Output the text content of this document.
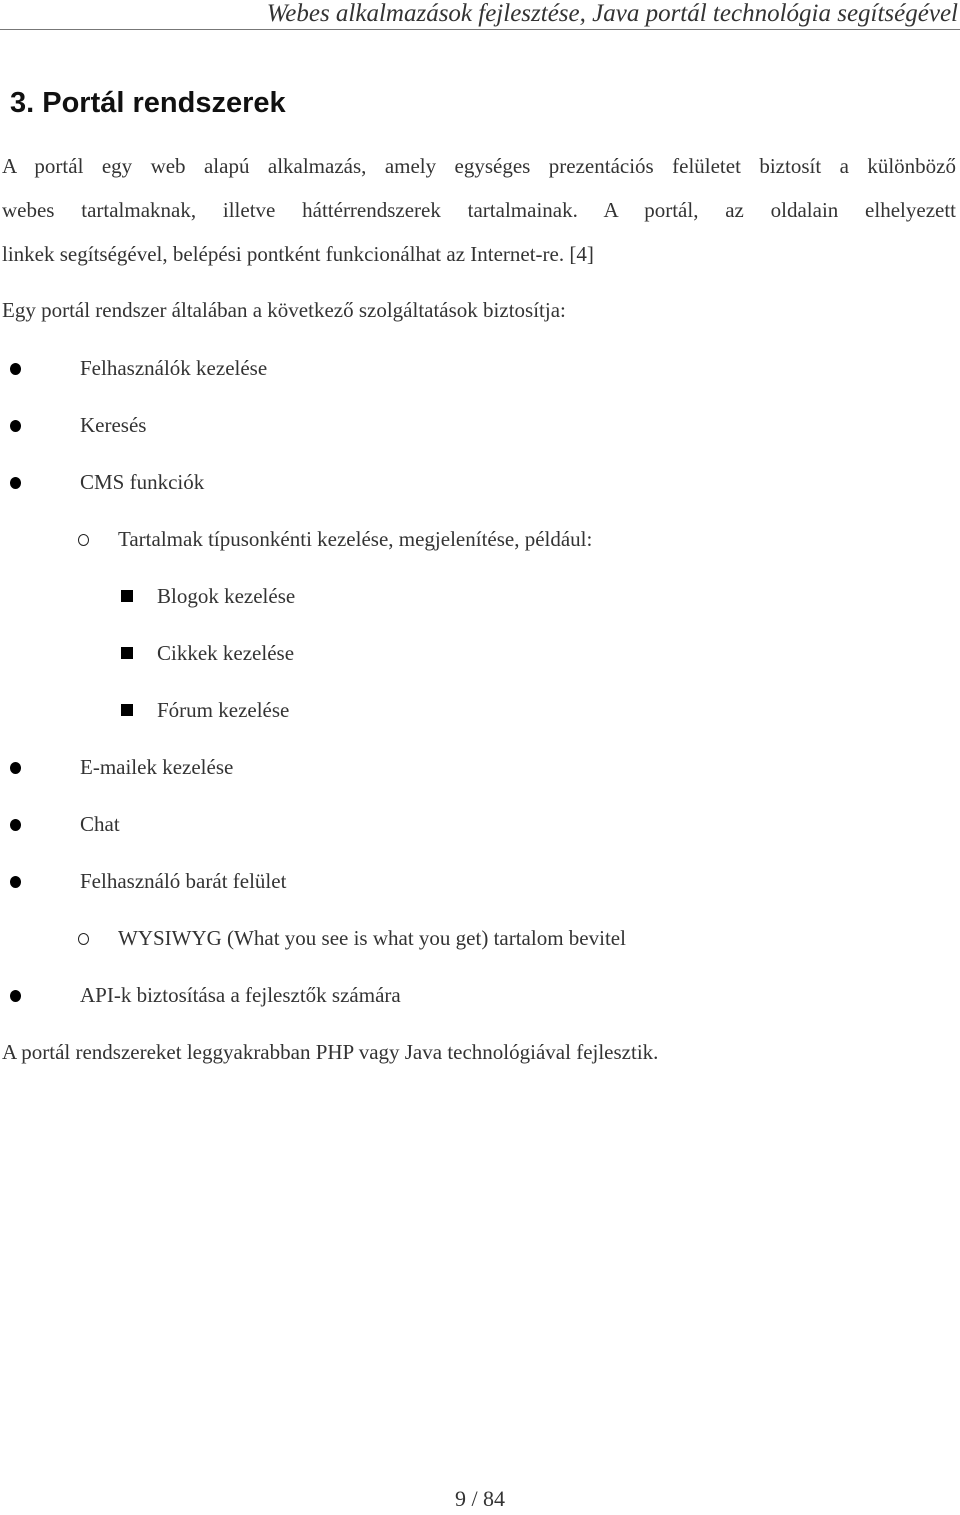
Webes alkalmazások fejlesztése, Java portál technológia segítségével
3. Portál rendszerek

A portál egy web alapú alkalmazás, amely egységes prezentációs felületet biztosít a különböző
webes tartalmaknak, illetve háttérrendszerek tartalmainak. A portál, az oldalain elhelyezett
linkek segítségével, belépési pontként funkcionálhat az Internet-re. [4]

Egy portál rendszer általában a következő szolgáltatások biztosítja:

Felhasználók kezelése
Keresés
CMS funkciók
Tartalmak típusonkénti kezelése, megjelenítése, például:
Blogok kezelése
Cikkek kezelése
Fórum kezelése
E-mailek kezelése
Chat
Felhasználó barát felület
WYSIWYG (What you see is what you get) tartalom bevitel
API-k biztosítása a fejlesztők számára

A portál rendszereket leggyakrabban PHP vagy Java technológiával fejlesztik.

9 / 84
